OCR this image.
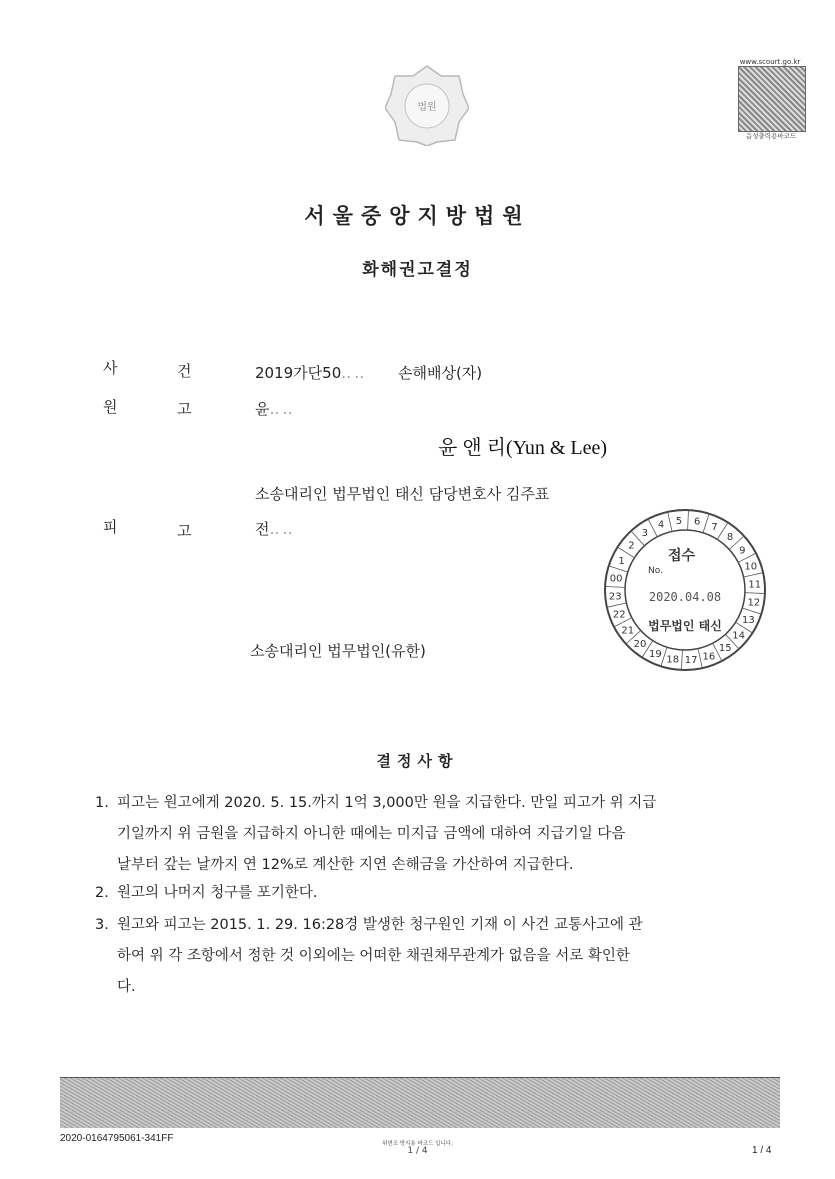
법원
www.scourt.go.kr
음성출력용바코드
서울중앙지방법원
화해권고결정
사	건	2019가단50‥‥ 손해배상(자)
원	고	윤‥‥
윤 앤 리(Yun & Lee)
소송대리인 법무법인 태신 담당변호사 김주표
피	고	전‥‥
소송대리인 법무법인(유한)
1
2
3
4 5 6 7
8
9
10
11
12
13
14
15
16
17
18
19
20
21
22
23
00
접수
No.
2020.04.08
법무법인 태신
결정사항
1. 피고는 원고에게 2020. 5. 15.까지 1억 3,000만 원을 지급한다. 만일 피고가 위 지급
기일까지 위 금원을 지급하지 아니한 때에는 미지급 금액에 대하여 지급기일 다음
날부터 갚는 날까지 연 12%로 계산한 지연 손해금을 가산하여 지급한다.
2. 원고의 나머지 청구를 포기한다.
3. 원고와 피고는 2015. 1. 29. 16:28경 발생한 청구원인 기재 이 사건 교통사고에 관
하여 위 각 조항에서 정한 것 이외에는 어떠한 채권채무관계가 없음을 서로 확인한
다.
2020-0164795061-341FF	위변조 방지용 바코드 입니다.
1 / 4	1 / 4
